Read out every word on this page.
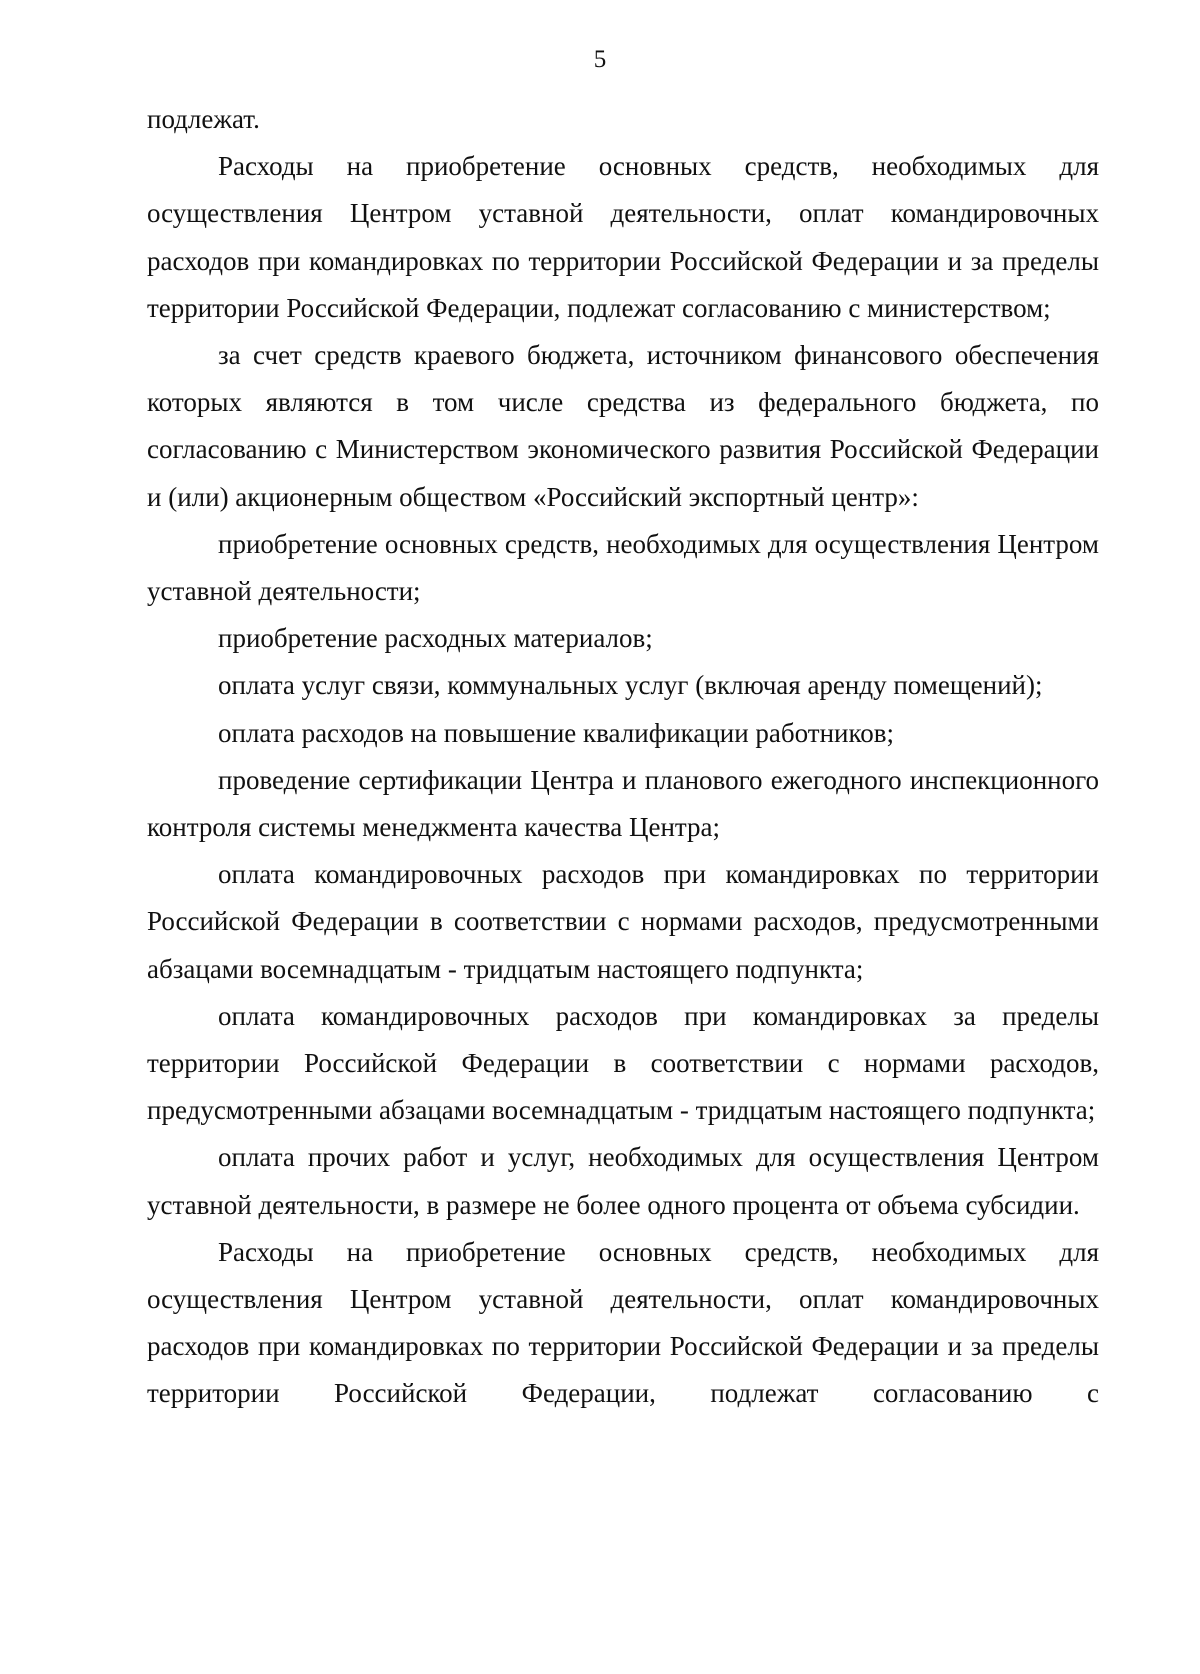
5

подлежат.

Расходы на приобретение основных средств, необходимых для осуществления Центром уставной деятельности, оплат командировочных расходов при командировках по территории Российской Федерации и за пределы территории Российской Федерации, подлежат согласованию с министерством;

за счет средств краевого бюджета, источником финансового обеспечения которых являются в том числе средства из федерального бюджета, по согласованию с Министерством экономического развития Российской Федерации и (или) акционерным обществом «Российский экспортный центр»:

приобретение основных средств, необходимых для осуществления Центром уставной деятельности;

приобретение расходных материалов;

оплата услуг связи, коммунальных услуг (включая аренду помещений);

оплата расходов на повышение квалификации работников;

проведение сертификации Центра и планового ежегодного инспекционного контроля системы менеджмента качества Центра;

оплата командировочных расходов при командировках по территории Российской Федерации в соответствии с нормами расходов, предусмотренными абзацами восемнадцатым - тридцатым настоящего подпункта;

оплата командировочных расходов при командировках за пределы территории Российской Федерации в соответствии с нормами расходов, предусмотренными абзацами восемнадцатым - тридцатым настоящего подпункта;

оплата прочих работ и услуг, необходимых для осуществления Центром уставной деятельности, в размере не более одного процента от объема субсидии.

Расходы на приобретение основных средств, необходимых для осуществления Центром уставной деятельности, оплат командировочных расходов при командировках по территории Российской Федерации и за пределы территории Российской Федерации, подлежат согласованию с
